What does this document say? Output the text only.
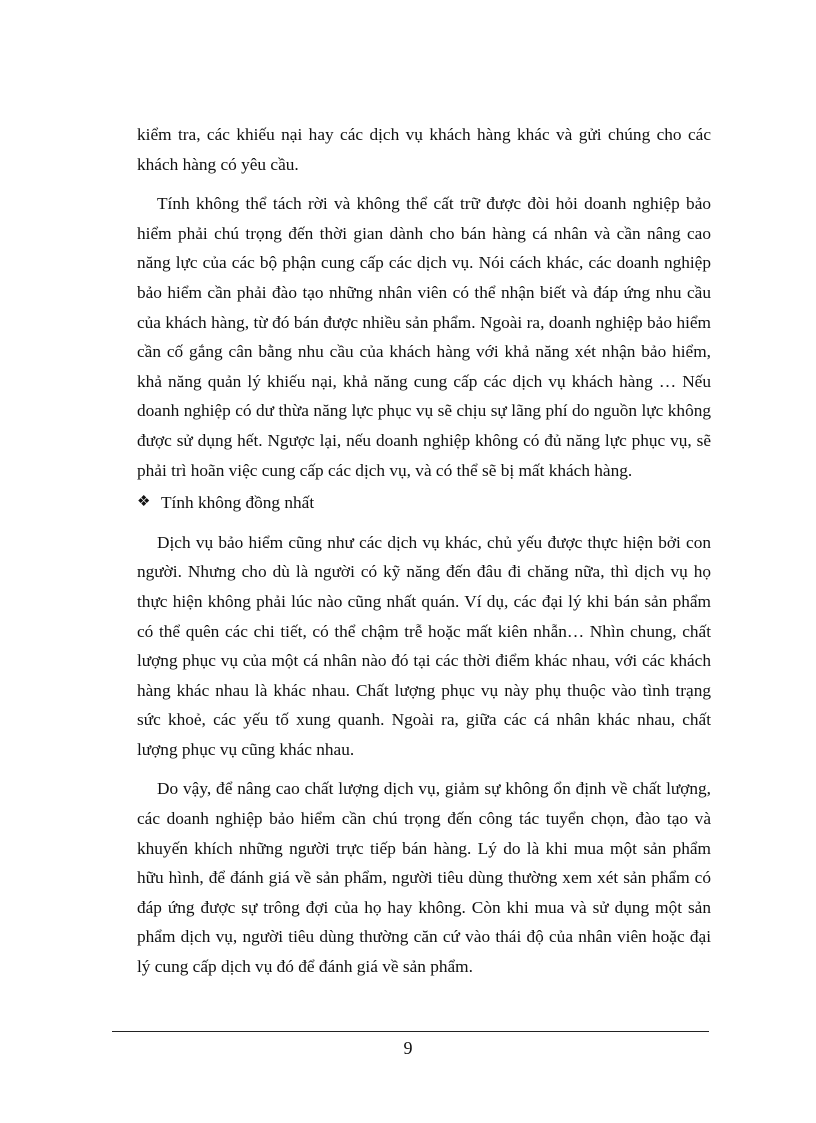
kiểm tra, các khiếu nại hay các dịch vụ khách hàng khác và gửi chúng cho các khách hàng có yêu cầu.

Tính không thể tách rời và không thể cất trữ được đòi hỏi doanh nghiệp bảo hiểm phải chú trọng đến thời gian dành cho bán hàng cá nhân và cần nâng cao năng lực của các bộ phận cung cấp các dịch vụ. Nói cách khác, các doanh nghiệp bảo hiểm cần phải đào tạo những nhân viên có thể nhận biết và đáp ứng nhu cầu của khách hàng, từ đó bán được nhiều sản phẩm. Ngoài ra, doanh nghiệp bảo hiểm cần cố gắng cân bằng nhu cầu của khách hàng với khả năng xét nhận bảo hiểm, khả năng quản lý khiếu nại, khả năng cung cấp các dịch vụ khách hàng … Nếu doanh nghiệp có dư thừa năng lực phục vụ sẽ chịu sự lãng phí do nguồn lực không được sử dụng hết. Ngược lại, nếu doanh nghiệp không có đủ năng lực phục vụ, sẽ phải trì hoãn việc cung cấp các dịch vụ, và có thể sẽ bị mất khách hàng.

❖ Tính không đồng nhất

Dịch vụ bảo hiểm cũng như các dịch vụ khác, chủ yếu được thực hiện bởi con người. Nhưng cho dù là người có kỹ năng đến đâu đi chăng nữa, thì dịch vụ họ thực hiện không phải lúc nào cũng nhất quán. Ví dụ, các đại lý khi bán sản phẩm có thể quên các chi tiết, có thể chậm trễ hoặc mất kiên nhẫn… Nhìn chung, chất lượng phục vụ của một cá nhân nào đó tại các thời điểm khác nhau, với các khách hàng khác nhau là khác nhau. Chất lượng phục vụ này phụ thuộc vào tình trạng sức khoẻ, các yếu tố xung quanh. Ngoài ra, giữa các cá nhân khác nhau, chất lượng phục vụ cũng khác nhau.

Do vậy, để nâng cao chất lượng dịch vụ, giảm sự không ổn định về chất lượng, các doanh nghiệp bảo hiểm cần chú trọng đến công tác tuyển chọn, đào tạo và khuyến khích những người trực tiếp bán hàng. Lý do là khi mua một sản phẩm hữu hình, để đánh giá về sản phẩm, người tiêu dùng thường xem xét sản phẩm có đáp ứng được sự trông đợi của họ hay không. Còn khi mua và sử dụng một sản phẩm dịch vụ, người tiêu dùng thường căn cứ vào thái độ của nhân viên hoặc đại lý cung cấp dịch vụ đó để đánh giá về sản phẩm.

9
